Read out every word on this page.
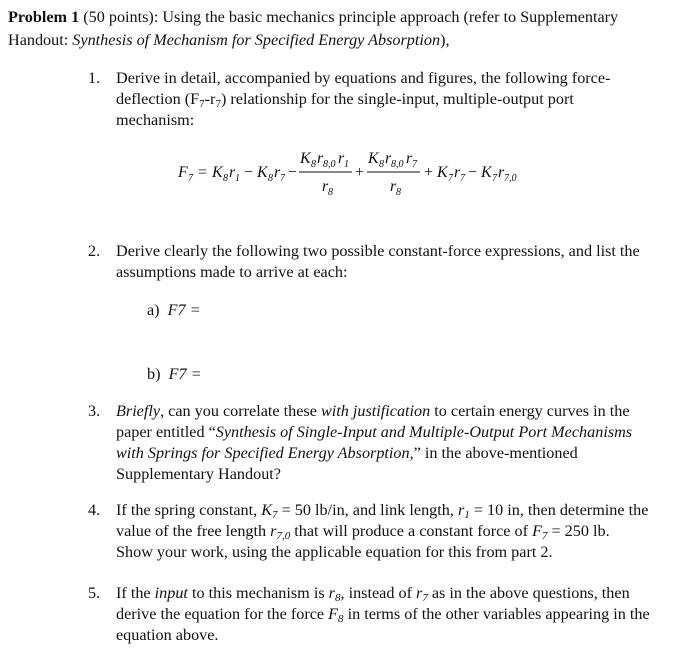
Problem 1 (50 points): Using the basic mechanics principle approach (refer to Supplementary
Handout: Synthesis of Mechanism for Specified Energy Absorption),
1. Derive in detail, accompanied by equations and figures, the following force-
deflection $(F_7-r_7)$ relationship for the single-input, multiple-output port
mechanism:
F 7 = K 8 r 1 − K 8 r 7 −
K 8 r 8,0 r 1
r 8
+
K 8 r 8,0 r 7
r 8
+ K 7 r 7 − K 7 r 7,0
2. Derive clearly the following two possible constant-force expressions, and list the
assumptions made to arrive at each:
a) F7 =
b) F7 =
3. Briefly, can you correlate these with justification to certain energy curves in the
paper entitled “Synthesis of Single-Input and Multiple-Output Port Mechanisms
with Springs for Specified Energy Absorption,” in the above-mentioned
Supplementary Handout?
4. If the spring constant, $K_7 = 50$ lb/in, and link length, $r_1 = 10$ in, then determine the
value of the free length $r_{7,0}$ that will produce a constant force of $F_7 = 250$ lb.
Show your work, using the applicable equation for this from part 2.
5. If the input to this mechanism is $r_8$, instead of $r_7$ as in the above questions, then
derive the equation for the force $F_8$ in terms of the other variables appearing in the
equation above.
